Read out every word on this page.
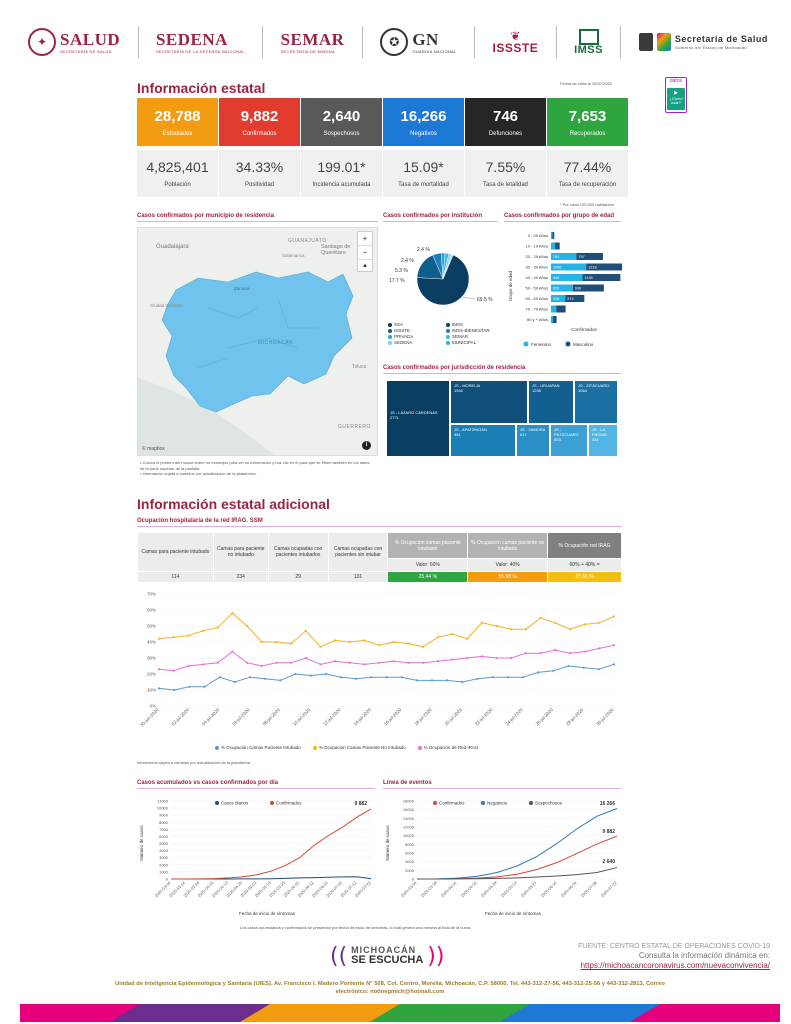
✦ SALUD
SECRETARÍA DE SALUD
SEDENA
SECRETARÍA DE LA DEFENSA NACIONAL
SEMAR
SECRETARÍA DE MARINA
✪ GN
GUARDIA NACIONAL
❦
ISSSTE	IMSS
Secretaría de Salud
Gobierno del Estado de Michoacán
Información estatal	Fecha de corte al 25/07/2020	datos
▶
¿Cómo usar?
28,788
Estudiados
9,882
Confirmados
2,640
Sospechosos
16,266
Negativos
746
Defunciones
7,653
Recuperados
4,825,401
Población
34.33%
Positividad
199.01*
Incidencia acumulada
15.09*
Tasa de mortalidad
7.55%
Tasa de letalidad
77.44%
Tasa de recuperación
* Por cada 100,000 habitantes
Casos confirmados por municipio de residencia
Guadalajara
GUANAJUATO
Santiago de Querétaro
Salamanca
Ciudad Guzmán
MICHOACÁN
Zamora
Toluca
GUERRERO
© mapbox
+
−
▲
i
• Coloca el puntero del mouse sobre un municipio para ver su información y haz clic en él para que se filtren también en los datos de la parte superior de la pantalla.
• Información sujeta a cambios por actualización de la plataforma.
Casos confirmados por institución
69.5 %
2.4 %
2.4 %
5.3 %
17.7 %
SSA	IMSS
ISSSTE	IMSS-BIENESTAR
PRIVADA	SEMAR
SEDENA	MUNICIPAL
Casos confirmados por grupo de edad
0 - 09 Años
10 - 19 Años
20 - 29 Años 761	797
30 - 39 Años 1056	1218
40 - 49 Años 946	1135
50 - 59 Años 656	930
60 - 69 Años 428 572
70 - 79 Años
80 y + Años
Grupo de edad
Confirmados
Femenino	Masculino
Casos confirmados por jurisdicción de residencia
JS - LÁZARO CÁRDENAS
2771
JS - MORELIA
1942
JS - URUAPAN
1236
JS - ZITÁCUARO
1064
JS - APATZINGÁN
981
JS - ZAMORA
617
JS - PÁTZCUARO
553
JS - LA PIEDAD
434
Información estatal adicional
Ocupación hospitalaria de la red IRAG. SSM
Camas para paciente intubado	Camas para paciente no intubado	Camas ocupadas con pacientes intubados	Camas ocupadas con pacientes sin intubar	% Ocupación camas paciente intubado	% Ocupación camas paciente no intubado	% Ocupación red IRAG
				Valor: 60%	Valor: 40%	60% + 40% =
114	234	29	131	25.44 %	55.98 %	37.66 %
0%
10%
20%
30%
40%
50%
60%
70%
30-jun-2020 02-jul-2020 04-jul-2020 06-jul-2020 08-jul-2020 10-jul-2020 12-jul-2020 14-jul-2020 16-jul-2020 18-jul-2020 20-jul-2020 22-jul-2020 24-jul-2020 26-jul-2020 28-jul-2020 30-jul-2020
% Ocupación Camas Paciente Intubado	% Ocupación Camas Paciente No Intubado	% Ocupación de Red IRAG
Información sujeta a cambios por actualización de la plataforma.
Casos acumulados vs casos confirmados por día
0
1000
2000
3000
4000
5000
6000
7000
8000
9000
10000
11000
2020-03-04
2020-03-14
2020-03-24
2020-04-03
2020-04-13
2020-04-23
2020-05-03
2020-05-13
2020-05-23
2020-06-02
2020-06-12
2020-06-22
2020-07-02
2020-07-12
2020-07-22
Número de casos
Fecha de inicio de síntomas
9 882
Casos diarios	Confirmados
Línea de eventos
0
2000
4000
6000
8000
10000
12000
14000
16000
18000
2020-03-04 2020-03-18 2020-04-01 2020-04-15 2020-04-29 2020-05-13 2020-05-27 2020-06-10 2020-06-24 2020-07-08 2020-07-22
Número de casos
Fecha de inicio de síntomas
16 266
9 882
2 640
Confirmados	Negativos	Sospechosos
Los casos acumulados y confirmados se presentan por fecha de inicio de síntomas, lo cual genera una meseta al final de la curva.
(( MICHOACÁN
SE ESCUCHA ))	FUENTE: CENTRO ESTATAL DE OPERACIONES COVID-19
Consulta la información dinámica en:
https://michoacancoronavirus.com/nuevaconvivencia/
Unidad de Inteligencia Epidemiológica y Sanitaria (UIES). Av. Francisco I. Madero Poniente N° 508, Col. Centro, Morelia, Michoacán, C.P. 58000. Tel. 443-312-27-56, 443-312-25-56 y 443-312-2813, Correo
electrónico: notinegmich@hotmail.com
